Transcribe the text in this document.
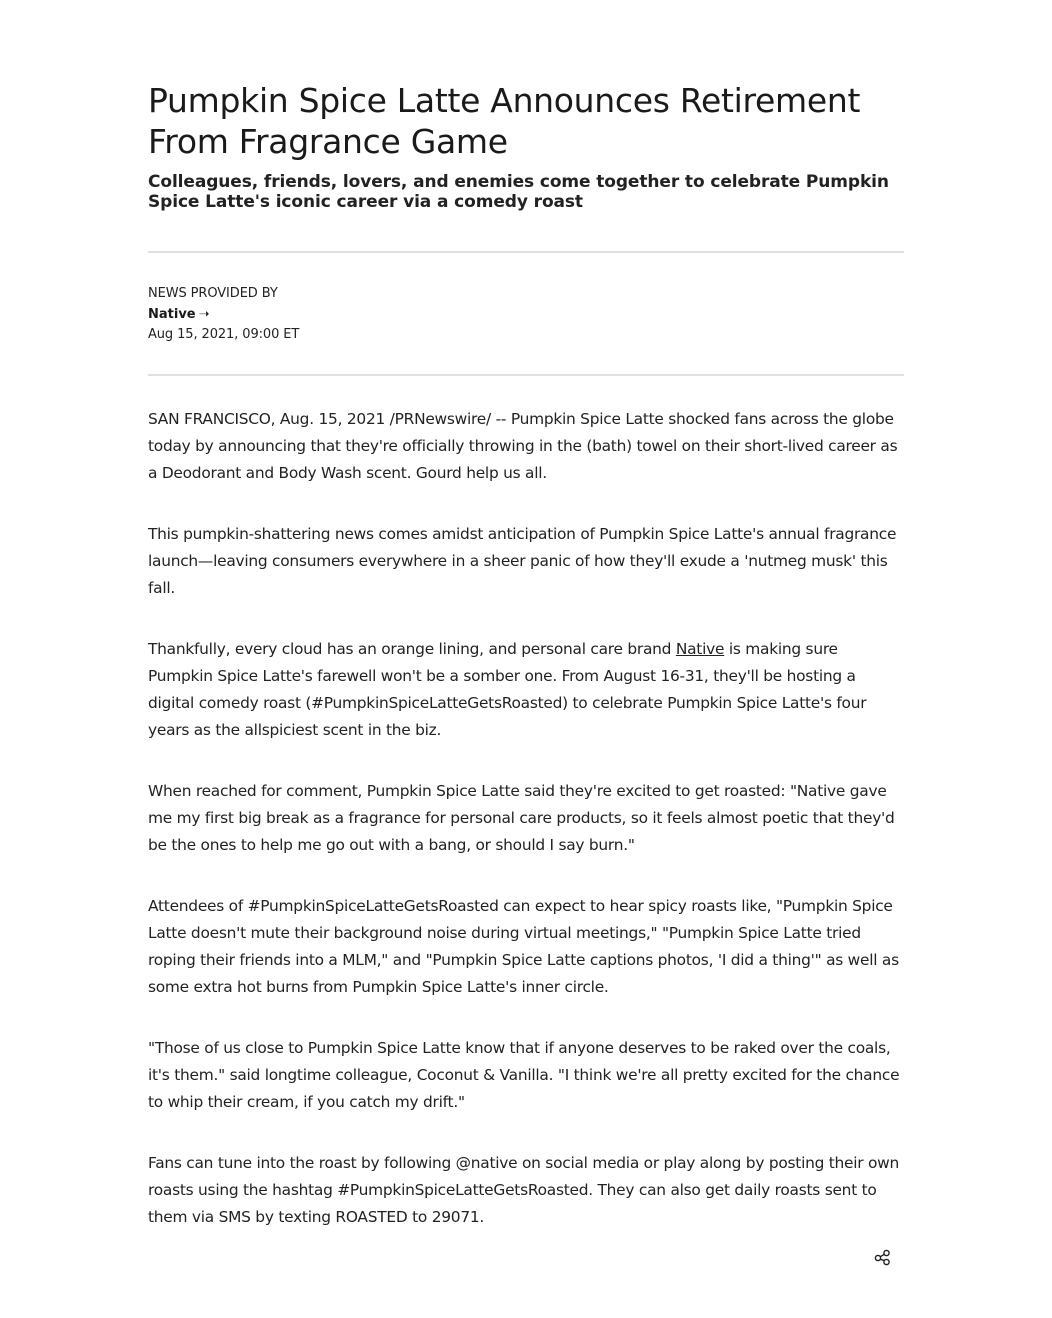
Pumpkin Spice Latte Announces Retirement From Fragrance Game
Colleagues, friends, lovers, and enemies come together to celebrate Pumpkin Spice Latte's iconic career via a comedy roast
NEWS PROVIDED BY
Native ➝
Aug 15, 2021, 09:00 ET

SAN FRANCISCO, Aug. 15, 2021 /PRNewswire/ -- Pumpkin Spice Latte shocked fans across the globe today by announcing that they're officially throwing in the (bath) towel on their short-lived career as a Deodorant and Body Wash scent. Gourd help us all.

This pumpkin-shattering news comes amidst anticipation of Pumpkin Spice Latte's annual fragrance launch—leaving consumers everywhere in a sheer panic of how they'll exude a 'nutmeg musk' this fall.

Thankfully, every cloud has an orange lining, and personal care brand Native is making sure Pumpkin Spice Latte's farewell won't be a somber one. From August 16-31, they'll be hosting a digital comedy roast (#PumpkinSpiceLatteGetsRoasted) to celebrate Pumpkin Spice Latte's four years as the allspiciest scent in the biz.

When reached for comment, Pumpkin Spice Latte said they're excited to get roasted: "Native gave me my first big break as a fragrance for personal care products, so it feels almost poetic that they'd be the ones to help me go out with a bang, or should I say burn."

Attendees of #PumpkinSpiceLatteGetsRoasted can expect to hear spicy roasts like, "Pumpkin Spice Latte doesn't mute their background noise during virtual meetings," "Pumpkin Spice Latte tried roping their friends into a MLM," and "Pumpkin Spice Latte captions photos, 'I did a thing'" as well as some extra hot burns from Pumpkin Spice Latte's inner circle.

"Those of us close to Pumpkin Spice Latte know that if anyone deserves to be raked over the coals, it's them." said longtime colleague, Coconut & Vanilla. "I think we're all pretty excited for the chance to whip their cream, if you catch my drift."

Fans can tune into the roast by following @native on social media or play along by posting their own roasts using the hashtag #PumpkinSpiceLatteGetsRoasted. They can also get daily roasts sent to them via SMS by texting ROASTED to 29071.
